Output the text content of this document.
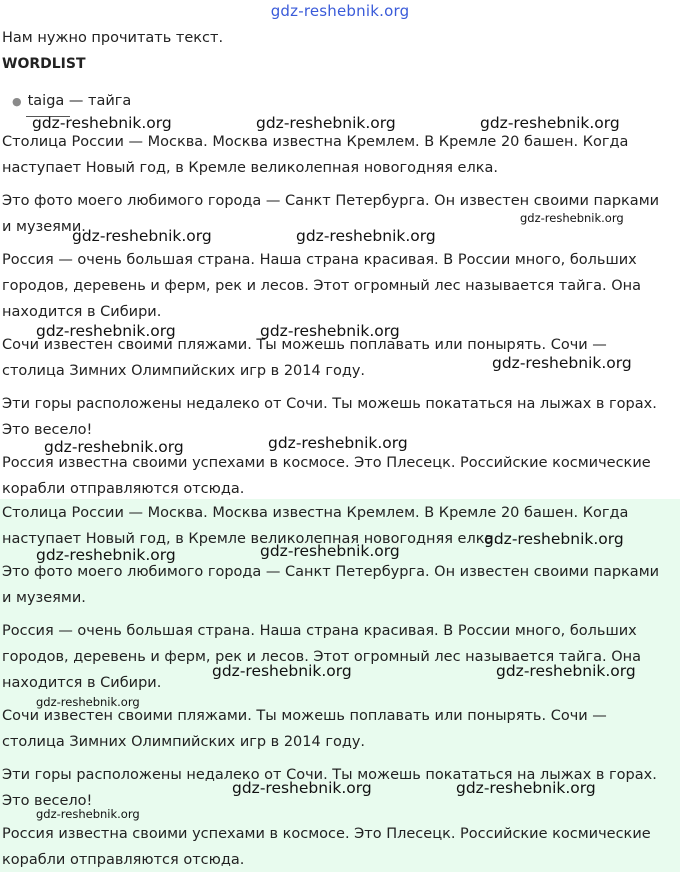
gdz-reshebnik.org
Нам нужно прочитать текст.
WORDLIST
● taiga — тайга

Столица России — Москва. Москва известна Кремлем. В Кремле 20 башен. Когда наступает Новый год, в Кремле великолепная новогодняя елка.

Это фото моего любимого города — Санкт Петербурга. Он известен своими парками и музеями.

Россия — очень большая страна. Наша страна красивая. В России много, больших городов, деревень и ферм, рек и лесов. Этот огромный лес называется тайга. Она находится в Сибири.

Сочи известен своими пляжами. Ты можешь поплавать или понырять. Сочи — столица Зимних Олимпийских игр в 2014 году.

Эти горы расположены недалеко от Сочи. Ты можешь покататься на лыжах в горах. Это весело!

Россия известна своими успехами в космосе. Это Плесецк. Российские космические корабли отправляются отсюда.

Столица России — Москва. Москва известна Кремлем. В Кремле 20 башен. Когда наступает Новый год, в Кремле великолепная новогодняя елка.

Это фото моего любимого города — Санкт Петербурга. Он известен своими парками и музеями.

Россия — очень большая страна. Наша страна красивая. В России много, больших городов, деревень и ферм, рек и лесов. Этот огромный лес называется тайга. Она находится в Сибири.

Сочи известен своими пляжами. Ты можешь поплавать или понырять. Сочи — столица Зимних Олимпийских игр в 2014 году.

Эти горы расположены недалеко от Сочи. Ты можешь покататься на лыжах в горах. Это весело!

Россия известна своими успехами в космосе. Это Плесецк. Российские космические корабли отправляются отсюда.

gdz-reshebnik.org	gdz-reshebnik.org	gdz-reshebnik.org
gdz-reshebnik.org
gdz-reshebnik.org	gdz-reshebnik.org
gdz-reshebnik.org	gdz-reshebnik.org
gdz-reshebnik.org
gdz-reshebnik.org	gdz-reshebnik.org
gdz-reshebnik.org
gdz-reshebnik.org	gdz-reshebnik.org
gdz-reshebnik.org	gdz-reshebnik.org
gdz-reshebnik.org
gdz-reshebnik.org	gdz-reshebnik.org
gdz-reshebnik.org
